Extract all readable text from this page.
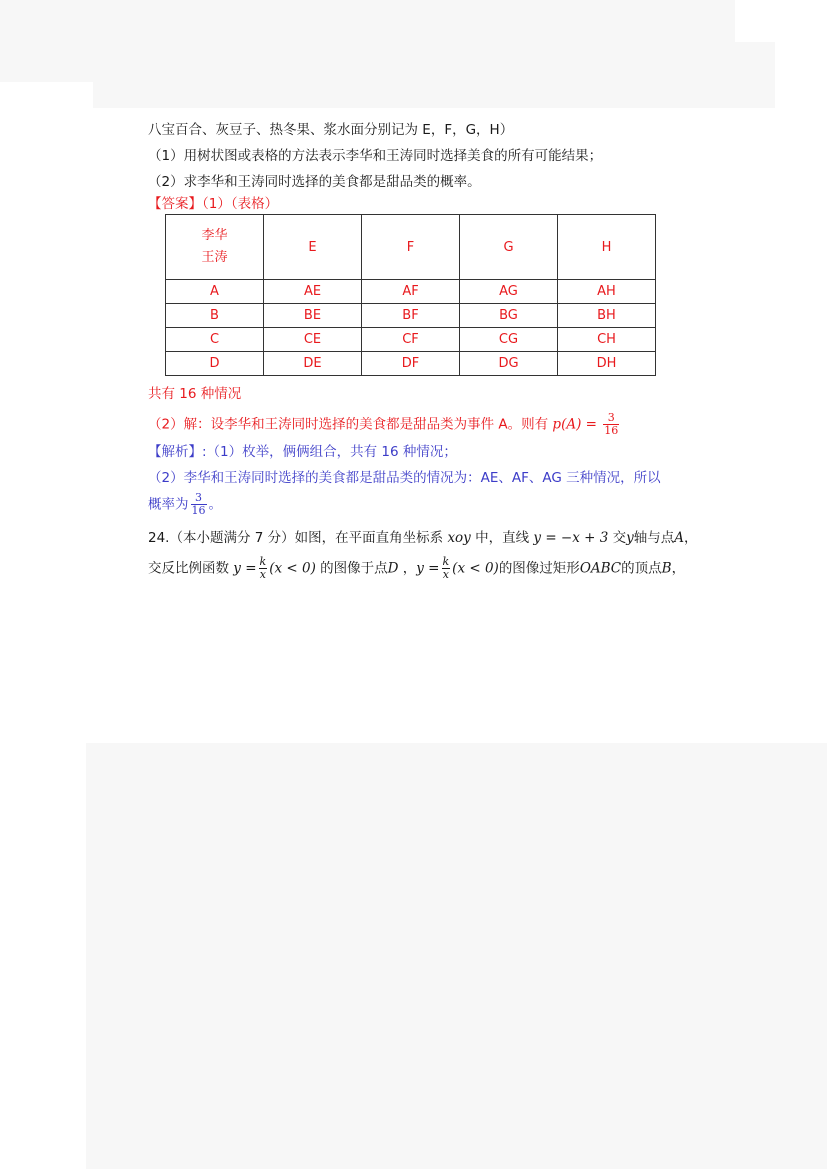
八宝百合、灰豆子、热冬果、浆水面分别记为 E，F，G，H）
（1）用树状图或表格的方法表示李华和王涛同时选择美食的所有可能结果；
（2）求李华和王涛同时选择的美食都是甜品类的概率。
【答案】（1）（表格）
李华
王涛	E	F	G	H
A	AE	AF	AG	AH
B	BE	BF	BG	BH
C	CE	CF	CG	CH
D	DE	DF	DG	DH
共有 16 种情况
（2）解：设李华和王涛同时选择的美食都是甜品类为事件 A。则有 $p(A) = \frac{3}{16}$
【解析】:（1）枚举，俩俩组合，共有 16 种情况；
（2）李华和王涛同时选择的美食都是甜品类的情况为：AE、AF、AG 三种情况，所以
概率为 $\frac{3}{16}$ 。
24.（本小题满分 7 分）如图，在平面直角坐标系 xoy 中，直线 y = −x + 3 交y轴与点A，
交反比例函数 $y = \frac{k}{x} (x < 0)$ 的图像于点D ，$y = \frac{k}{x} (x < 0)$的图像过矩形OABC的顶点B，
